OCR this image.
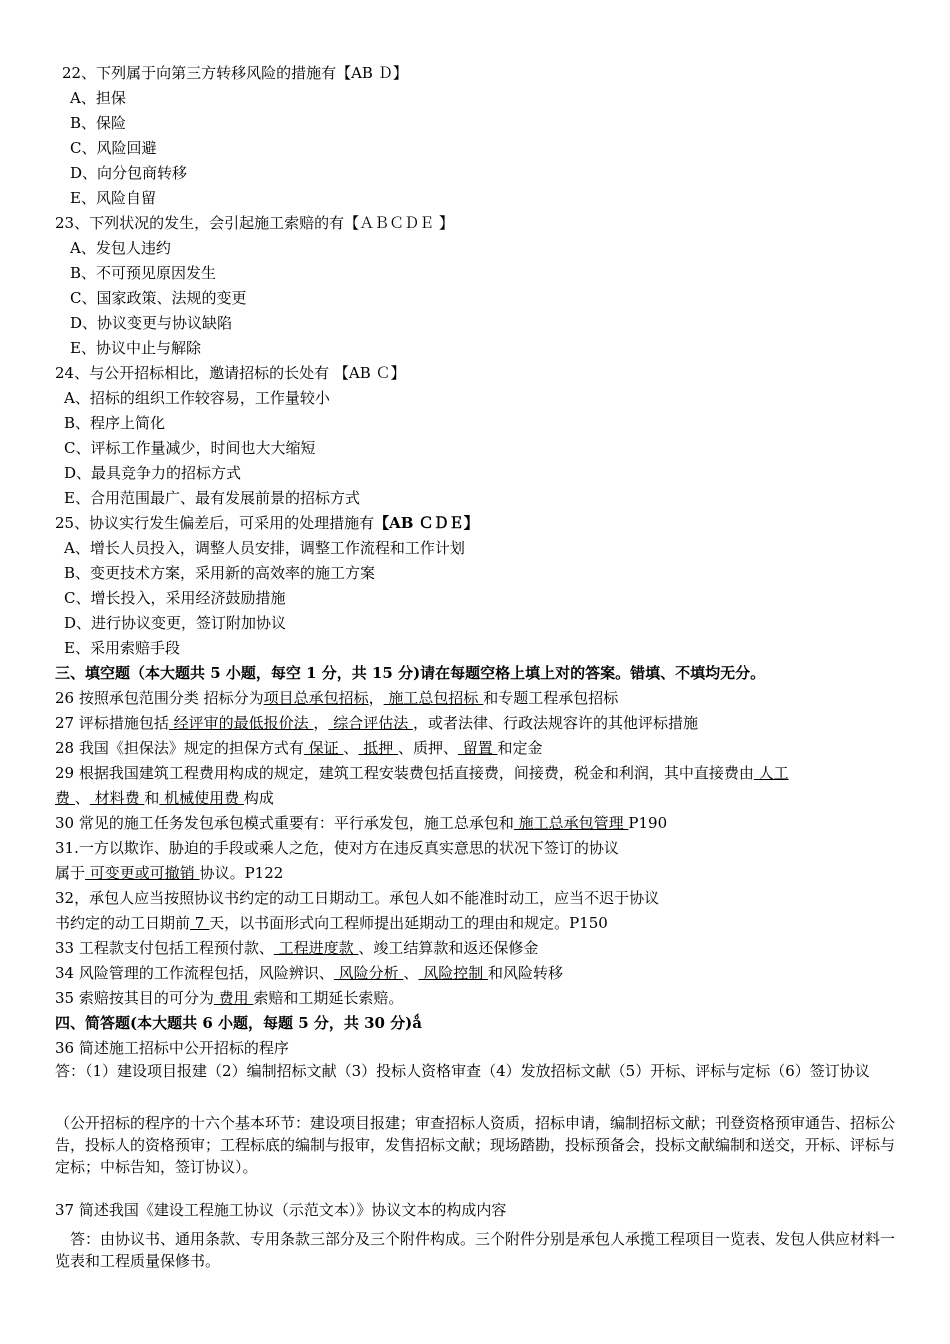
22、下列属于向第三方转移风险的措施有【AB Ｄ】
A、担保
B、保险
C、风险回避
D、向分包商转移
E、风险自留
23、下列状况的发生，会引起施工索赔的有【ＡＢＣＤＥ 】
A、发包人违约
B、不可预见原因发生
C、国家政策、法规的变更
D、协议变更与协议缺陷
E、协议中止与解除
24、与公开招标相比，邀请招标的长处有 【AB Ｃ】
A、招标的组织工作较容易，工作量较小
B、程序上简化
C、评标工作量减少，时间也大大缩短
D、最具竞争力的招标方式
E、合用范围最广、最有发展前景的招标方式
25、协议实行发生偏差后，可采用的处理措施有【AB ＣＤＥ】
A、增长人员投入，调整人员安排，调整工作流程和工作计划
B、变更技术方案，采用新的高效率的施工方案
C、增长投入，采用经济鼓励措施
D、进行协议变更，签订附加协议
E、采用索赔手段
三、填空题（本大题共 5 小题，每空 1 分，共 15 分)请在每题空格上填上对的答案。错填、不填均无分。
26 按照承包范围分类 招标分为项目总承包招标， 施工总包招标 和专题工程承包招标
27 评标措施包括 经评审的最低报价法 ， 综合评估法 ，或者法律、行政法规容许的其他评标措施
28 我国《担保法》规定的担保方式有 保证 、 抵押 、质押、 留置 和定金
29 根据我国建筑工程费用构成的规定，建筑工程安装费包括直接费，间接费，税金和利润，其中直接费由 人工
费 、 材料费 和 机械使用费 构成
30 常见的施工任务发包承包模式重要有：平行承发包，施工总承包和 施工总承包管理 P190
31.一方以欺诈、胁迫的手段或乘人之危，使对方在违反真实意思的状况下签订的协议
属于 可变更或可撤销 协议。P122
32，承包人应当按照协议书约定的动工日期动工。承包人如不能准时动工，应当不迟于协议
书约定的动工日期前 7 天，以书面形式向工程师提出延期动工的理由和规定。P150
33 工程款支付包括工程预付款、 工程进度款 、竣工结算款和返还保修金
34 风险管理的工作流程包括，风险辨识、 风险分析 、 风险控制 和风险转移
35 索赔按其目的可分为 费用 索赔和工期延长索赔。
四、简答题(本大题共 6 小题，每题 5 分，共 30 分)ǻ
36 简述施工招标中公开招标的程序
答：（1）建设项目报建（2）编制招标文献（3）投标人资格审查（4）发放招标文献（5）开标、评标与定标（6）签订协议
（公开招标的程序的十六个基本环节：建设项目报建；审查招标人资质，招标申请，编制招标文献；刊登资格预审通告、招标公告，投标人的资格预审；工程标底的编制与报审，发售招标文献；现场踏勘，投标预备会，投标文献编制和送交，开标、评标与定标；中标告知，签订协议）。
37 简述我国《建设工程施工协议（示范文本）》协议文本的构成内容
答：由协议书、通用条款、专用条款三部分及三个附件构成。三个附件分别是承包人承揽工程项目一览表、发包人供应材料一览表和工程质量保修书。
